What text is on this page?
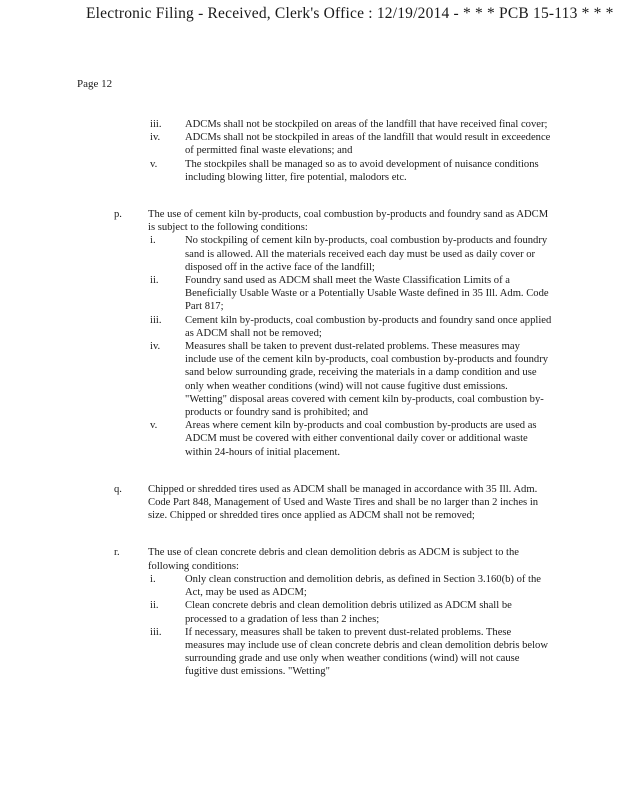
Electronic Filing - Received, Clerk's Office : 12/19/2014 - * * * PCB 15-113 * * *
Page 12
iii. ADCMs shall not be stockpiled on areas of the landfill that have received final cover;
iv. ADCMs shall not be stockpiled in areas of the landfill that would result in exceedence of permitted final waste elevations; and
v.	The stockpiles shall be managed so as to avoid development of nuisance conditions including blowing litter, fire potential, malodors etc.
p. The use of cement kiln by-products, coal combustion by-products and foundry sand as ADCM is subject to the following conditions:
i.	No stockpiling of cement kiln by-products, coal combustion by-products and foundry sand is allowed. All the materials received each day must be used as daily cover or disposed off in the active face of the landfill;
ii. Foundry sand used as ADCM shall meet the Waste Classification Limits of a Beneficially Usable Waste or a Potentially Usable Waste defined in 35 Ill. Adm. Code Part 817;
iii. Cement kiln by-products, coal combustion by-products and foundry sand once applied as ADCM shall not be removed;
iv. Measures shall be taken to prevent dust-related problems. These measures may include use of the cement kiln by-products, coal combustion by-products and foundry sand below surrounding grade, receiving the materials in a damp condition and use only when weather conditions (wind) will not cause fugitive dust emissions. "Wetting" disposal areas covered with cement kiln by-products, coal combustion by-products or foundry sand is prohibited; and
v.	Areas where cement kiln by-products and coal combustion by-products are used as ADCM must be covered with either conventional daily cover or additional waste within 24-hours of initial placement.
q. Chipped or shredded tires used as ADCM shall be managed in accordance with 35 Ill. Adm. Code Part 848, Management of Used and Waste Tires and shall be no larger than 2 inches in size. Chipped or shredded tires once applied as ADCM shall not be removed;
r.	The use of clean concrete debris and clean demolition debris as ADCM is subject to the following conditions:
i.	Only clean construction and demolition debris, as defined in Section 3.160(b) of the Act, may be used as ADCM;
ii. Clean concrete debris and clean demolition debris utilized as ADCM shall be processed to a gradation of less than 2 inches;
iii. If necessary, measures shall be taken to prevent dust-related problems. These measures may include use of clean concrete debris and clean demolition debris below surrounding grade and use only when weather conditions (wind) will not cause fugitive dust emissions. "Wetting"
